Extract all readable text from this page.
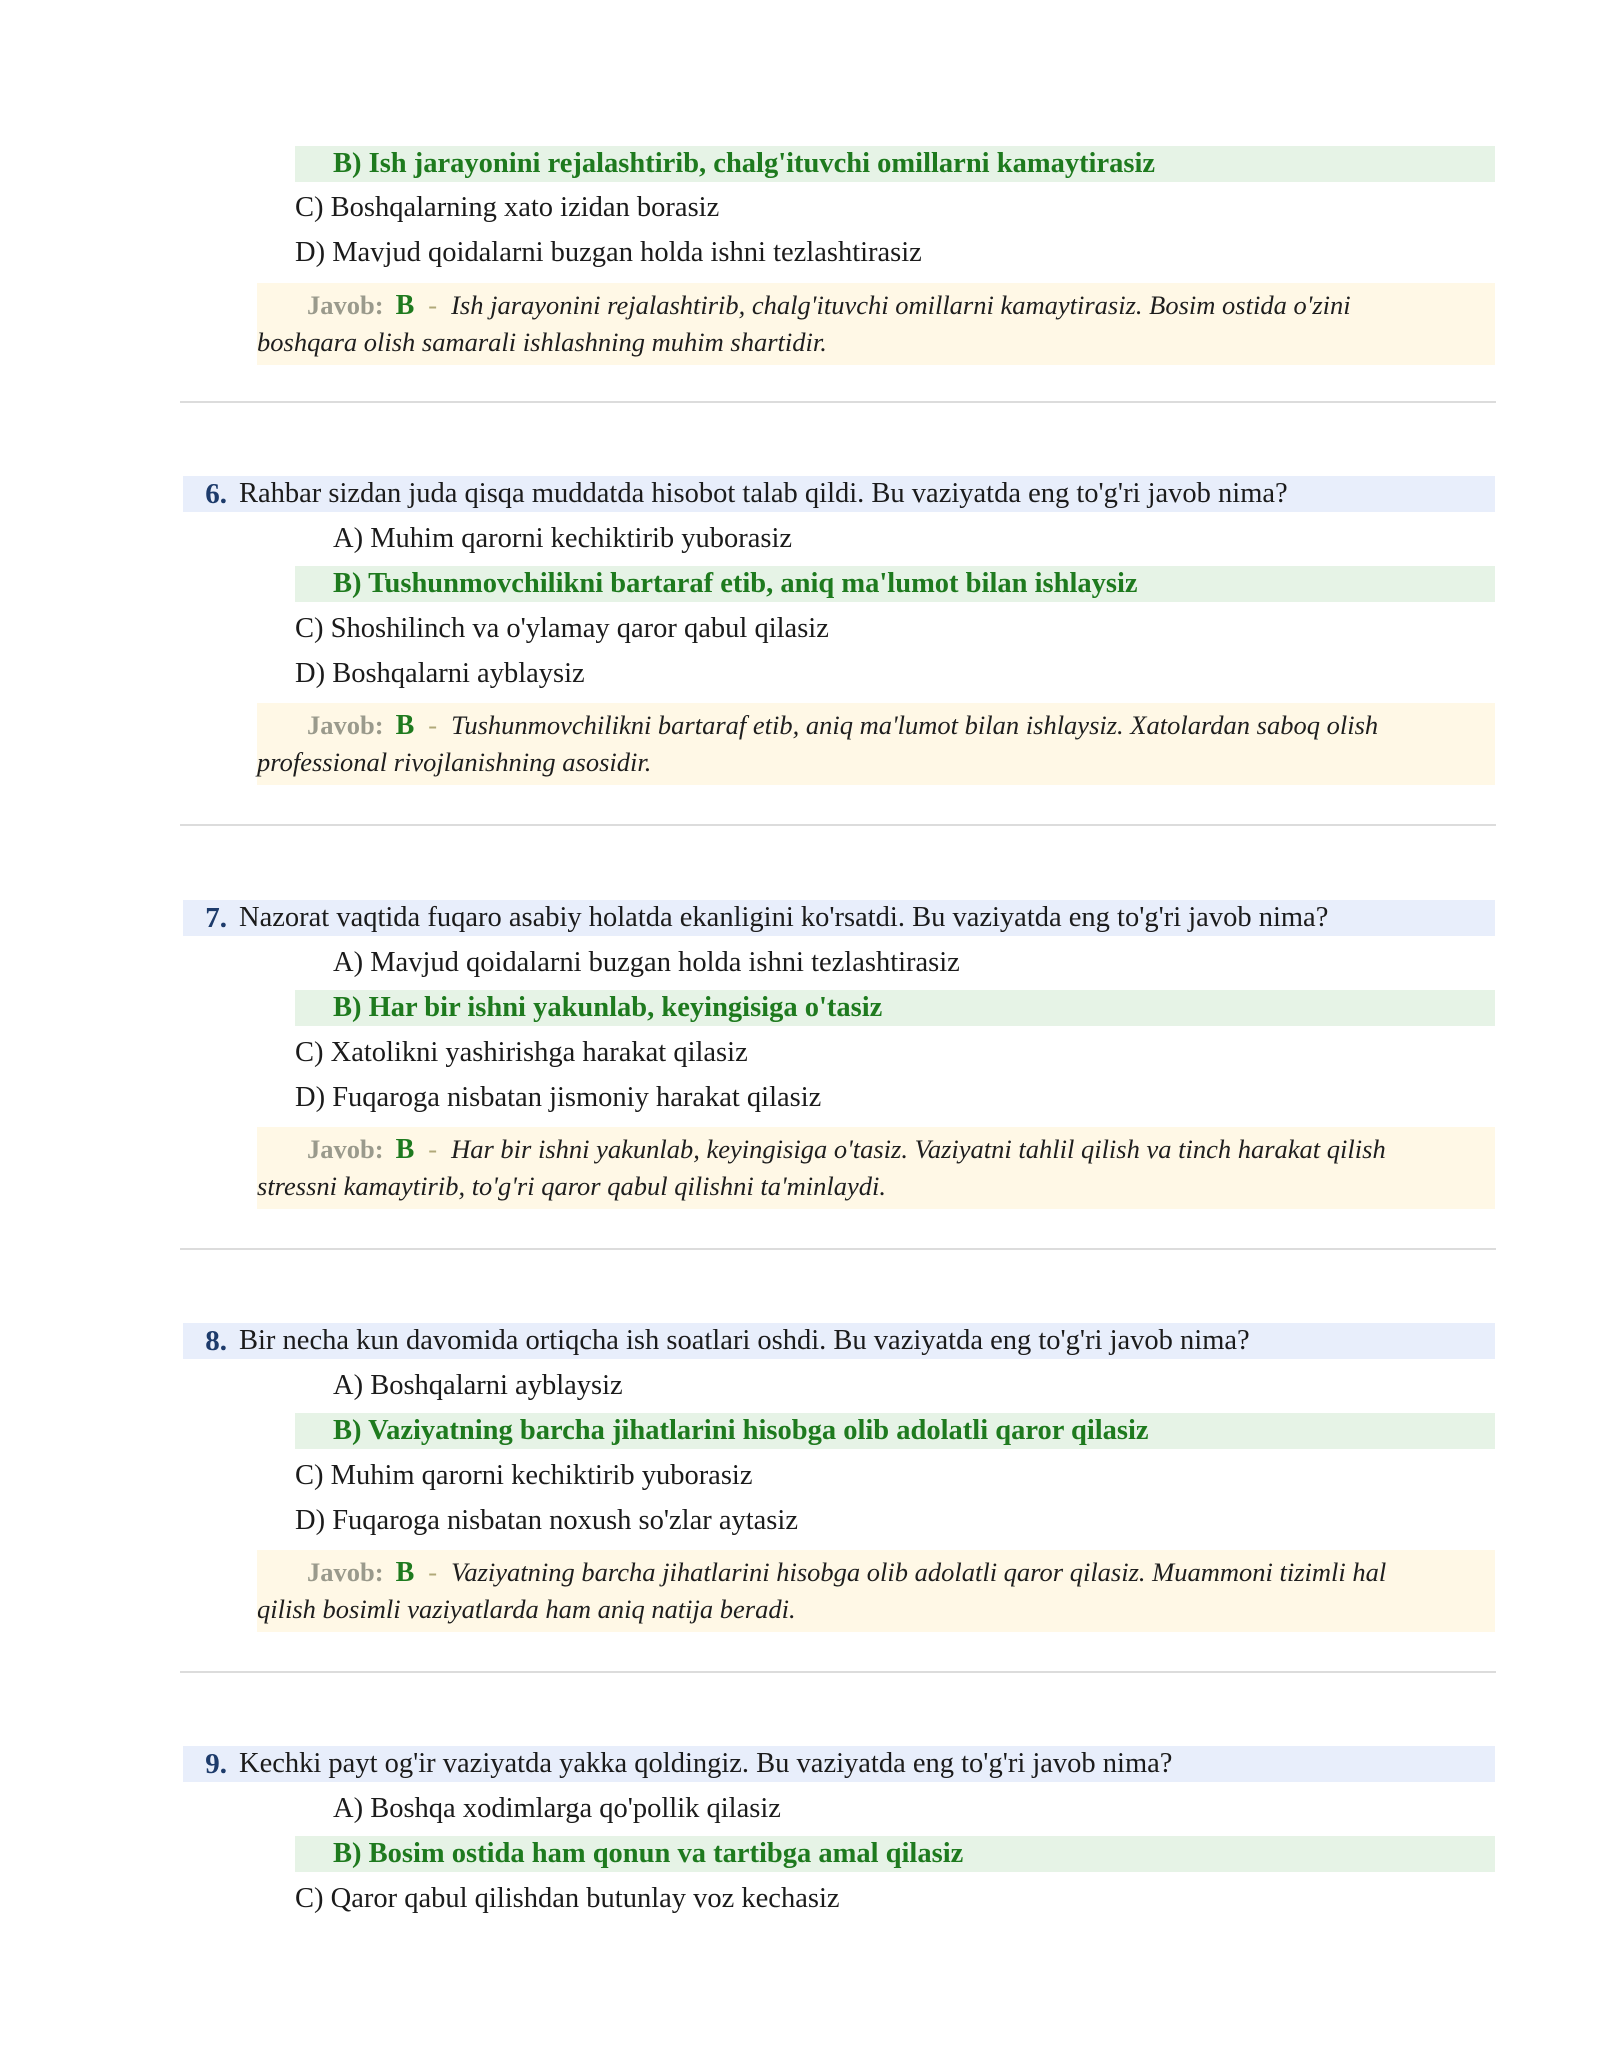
B) Ish jarayonini rejalashtirib, chalg'ituvchi omillarni kamaytirasiz
C) Boshqalarning xato izidan borasiz
D) Mavjud qoidalarni buzgan holda ishni tezlashtirasiz
Javob: B - Ish jarayonini rejalashtirib, chalg'ituvchi omillarni kamaytirasiz. Bosim ostida o'zini
boshqara olish samarali ishlashning muhim shartidir.
6. Rahbar sizdan juda qisqa muddatda hisobot talab qildi. Bu vaziyatda eng to'g'ri javob nima?
A) Muhim qarorni kechiktirib yuborasiz
B) Tushunmovchilikni bartaraf etib, aniq ma'lumot bilan ishlaysiz
C) Shoshilinch va o'ylamay qaror qabul qilasiz
D) Boshqalarni ayblaysiz
Javob: B - Tushunmovchilikni bartaraf etib, aniq ma'lumot bilan ishlaysiz. Xatolardan saboq olish
professional rivojlanishning asosidir.
7. Nazorat vaqtida fuqaro asabiy holatda ekanligini ko'rsatdi. Bu vaziyatda eng to'g'ri javob nima?
A) Mavjud qoidalarni buzgan holda ishni tezlashtirasiz
B) Har bir ishni yakunlab, keyingisiga o'tasiz
C) Xatolikni yashirishga harakat qilasiz
D) Fuqaroga nisbatan jismoniy harakat qilasiz
Javob: B - Har bir ishni yakunlab, keyingisiga o'tasiz. Vaziyatni tahlil qilish va tinch harakat qilish
stressni kamaytirib, to'g'ri qaror qabul qilishni ta'minlaydi.
8. Bir necha kun davomida ortiqcha ish soatlari oshdi. Bu vaziyatda eng to'g'ri javob nima?
A) Boshqalarni ayblaysiz
B) Vaziyatning barcha jihatlarini hisobga olib adolatli qaror qilasiz
C) Muhim qarorni kechiktirib yuborasiz
D) Fuqaroga nisbatan noxush so'zlar aytasiz
Javob: B - Vaziyatning barcha jihatlarini hisobga olib adolatli qaror qilasiz. Muammoni tizimli hal
qilish bosimli vaziyatlarda ham aniq natija beradi.
9. Kechki payt og'ir vaziyatda yakka qoldingiz. Bu vaziyatda eng to'g'ri javob nima?
A) Boshqa xodimlarga qo'pollik qilasiz
B) Bosim ostida ham qonun va tartibga amal qilasiz
C) Qaror qabul qilishdan butunlay voz kechasiz
